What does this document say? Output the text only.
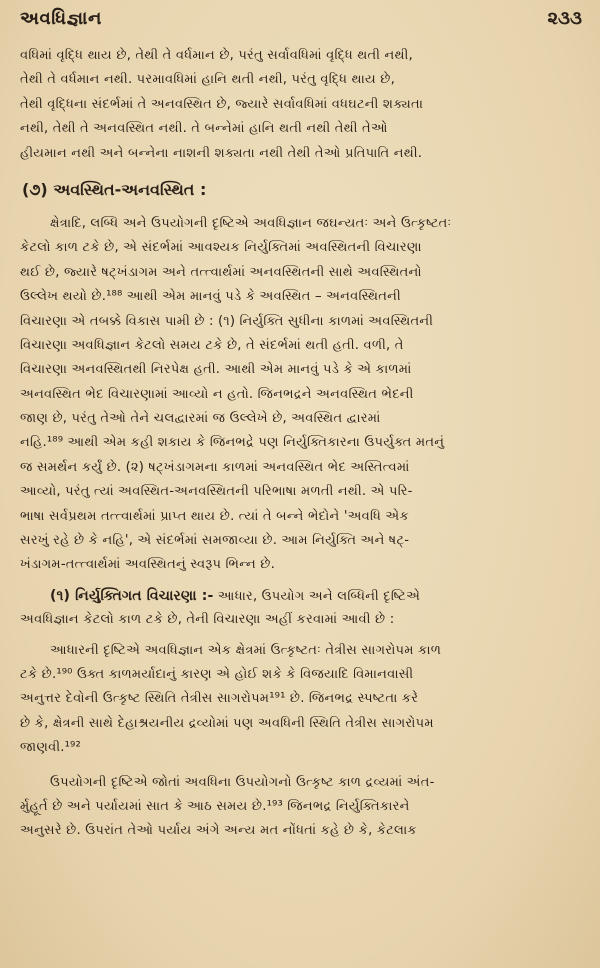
અવધિજ્ઞાન	૨૩૩
વધિમાં વૃદ્ધિ થાય છે, તેથી તે વર્ધમાન છે, પરંતુ સર્વાવધિમાં વૃદ્ધિ થતી નથી,
તેથી તે વર્ધમાન નથી. પરમાવધિમાં હાનિ થતી નથી, પરંતુ વૃદ્ધિ થાય છે,
તેથી વૃદ્ધિના સંદર્ભમાં તે અનવસ્થિત છે, જ્યારે સર્વાવધિમાં વધઘટની શક્યતા
નથી, તેથી તે અનવસ્થિત નથી. તે બન્નેમાં હાનિ થતી નથી તેથી તેઓ
હીયમાન નથી અને બન્નેના નાશની શક્યતા નથી તેથી તેઓ પ્રતિપાતિ નથી.
(૭) અવસ્થિત-અનવસ્થિત :
ક્ષેત્રાદિ, લબ્ધિ અને ઉપયોગની દૃષ્ટિએ અવધિજ્ઞાન જઘન્યતઃ અને ઉત્કૃષ્ટતઃ
કેટલો કાળ ટકે છે, એ સંદર્ભમાં આવશ્યક નિર્યુક્તિમાં અવસ્થિતની વિચારણા
થઈ છે, જ્યારે ષટ્ખંડાગમ અને તત્ત્વાર્થમાં અનવસ્થિતની સાથે અવસ્થિતનો
ઉલ્લેખ થયો છે.¹⁸⁸ આથી એમ માનવું પડે કે અવસ્થિત – અનવસ્થિતની
વિચારણા એ તબક્કે વિકાસ પામી છે : (૧) નિર્યુક્તિ સુધીના કાળમાં અવસ્થિતની
વિચારણા અવધિજ્ઞાન કેટલો સમય ટકે છે, તે સંદર્ભમાં થતી હતી. વળી, તે
વિચારણા અનવસ્થિતથી નિરપેક્ષ હતી. આથી એમ માનવું પડે કે એ કાળમાં
અનવસ્થિત ભેદ વિચારણામાં આવ્યો ન હતો. જિનભદ્રને અનવસ્થિત ભેદની
જાણ છે, પરંતુ તેઓ તેને ચલદ્વારમાં જ ઉલ્લેખે છે, અવસ્થિત દ્વારમાં
નહિ.¹⁸⁹ આથી એમ કહી શકાય કે જિનભદ્રે પણ નિર્યુક્તિકારના ઉપર્યુક્ત મતનું
જ સમર્થન કર્યું છે. (૨) ષટ્ખંડાગમના કાળમાં અનવસ્થિત ભેદ અસ્તિત્વમાં
આવ્યો, પરંતુ ત્યાં અવસ્થિત-અનવસ્થિતની પરિભાષા મળતી નથી. એ પરિ-
ભાષા સર્વપ્રથમ તત્ત્વાર્થમાં પ્રાપ્ત થાય છે. ત્યાં તે બન્ને ભેદોને 'અવધિ એક
સરખું રહે છે કે નહિ', એ સંદર્ભમાં સમજાવ્યા છે. આમ નિર્યુક્તિ અને ષટ્-
ખંડાગમ-તત્ત્વાર્થમાં અવસ્થિતનું સ્વરૂપ ભિન્ન છે.
(૧) નિર્યુક્તિગત વિચારણા :- આધાર, ઉપયોગ અને લબ્ધિની દૃષ્ટિએ
અવધિજ્ઞાન કેટલો કાળ ટકે છે, તેની વિચારણા અહીં કરવામાં આવી છે :
આધારની દૃષ્ટિએ અવધિજ્ઞાન એક ક્ષેત્રમાં ઉત્કૃષ્ટતઃ તેત્રીસ સાગરોપમ કાળ
ટકે છે.¹⁹⁰ ઉક્ત કાળમર્યાદાનું કારણ એ હોઈ શકે કે વિજયાદિ વિમાનવાસી
અનુત્તર દેવોની ઉત્કૃષ્ટ સ્થિતિ તેત્રીસ સાગરોપમ¹⁹¹ છે. જિનભદ્ર સ્પષ્ટતા કરે
છે કે, ક્ષેત્રની સાથે દેહાશ્રયનીય દ્રવ્યોમાં પણ અવધિની સ્થિતિ તેત્રીસ સાગરોપમ
જાણવી.¹⁹²
ઉપયોગની દૃષ્ટિએ જોતાં અવધિના ઉપયોગનો ઉત્કૃષ્ટ કાળ દ્રવ્યમાં અંત-
ર્મુહૂર્ત છે અને પર્યાયમાં સાત કે આઠ સમય છે.¹⁹³ જિનભદ્ર નિર્યુક્તિકારને
અનુસરે છે. ઉપરાંત તેઓ પર્યાય અંગે અન્ય મત નોંધતાં કહે છે કે, કેટલાક
